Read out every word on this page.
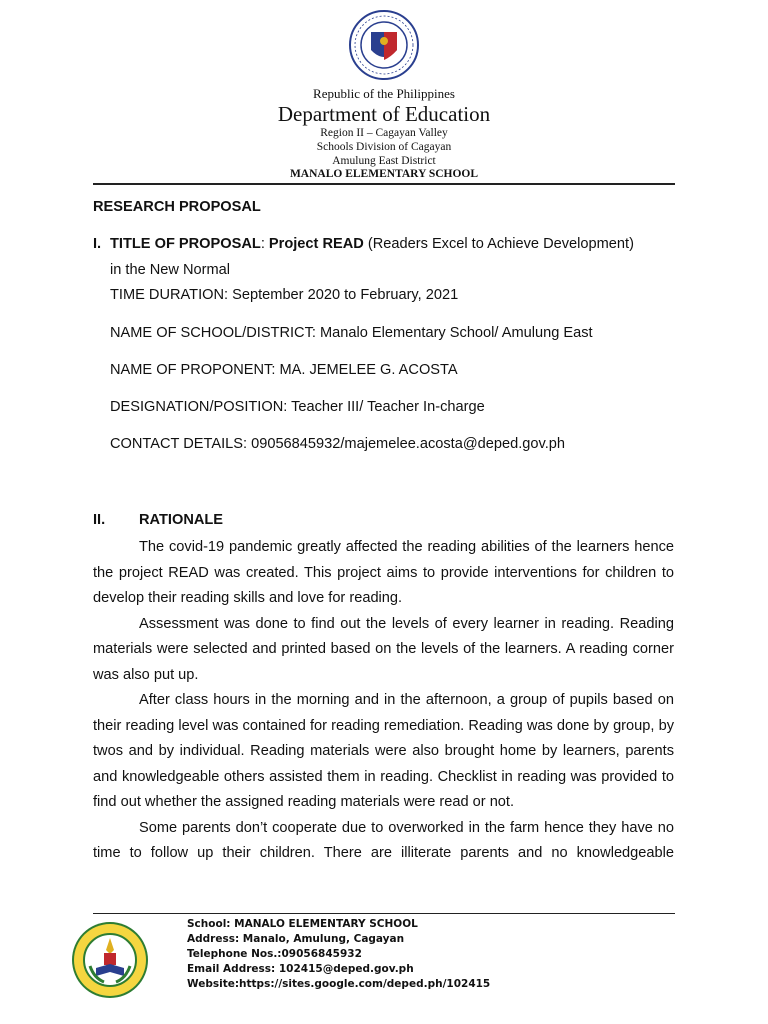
Republic of the Philippines
Department of Education
Region II – Cagayan Valley
Schools Division of Cagayan
Amulung East District
MANALO ELEMENTARY SCHOOL
RESEARCH PROPOSAL
I. TITLE OF PROPOSAL: Project READ (Readers Excel to Achieve Development)
in the New Normal
TIME DURATION: September 2020 to February, 2021
NAME OF SCHOOL/DISTRICT: Manalo Elementary School/ Amulung East
NAME OF PROPONENT: MA. JEMELEE G. ACOSTA
DESIGNATION/POSITION: Teacher III/ Teacher In-charge
CONTACT DETAILS: 09056845932/majemelee.acosta@deped.gov.ph
II. RATIONALE

The covid-19 pandemic greatly affected the reading abilities of the learners hence the project READ was created. This project aims to provide interventions for children to develop their reading skills and love for reading.

Assessment was done to find out the levels of every learner in reading. Reading materials were selected and printed based on the levels of the learners. A reading corner was also put up.

After class hours in the morning and in the afternoon, a group of pupils based on their reading level was contained for reading remediation. Reading was done by group, by twos and by individual. Reading materials were also brought home by learners, parents and knowledgeable others assisted them in reading. Checklist in reading was provided to find out whether the assigned reading materials were read or not.

Some parents don’t cooperate due to overworked in the farm hence they have no time to follow up their children. There are illiterate parents and no knowledgeable

School: MANALO ELEMENTARY SCHOOL
Address: Manalo, Amulung, Cagayan
Telephone Nos.:09056845932
Email Address: 102415@deped.gov.ph
Website:https://sites.google.com/deped.ph/102415
